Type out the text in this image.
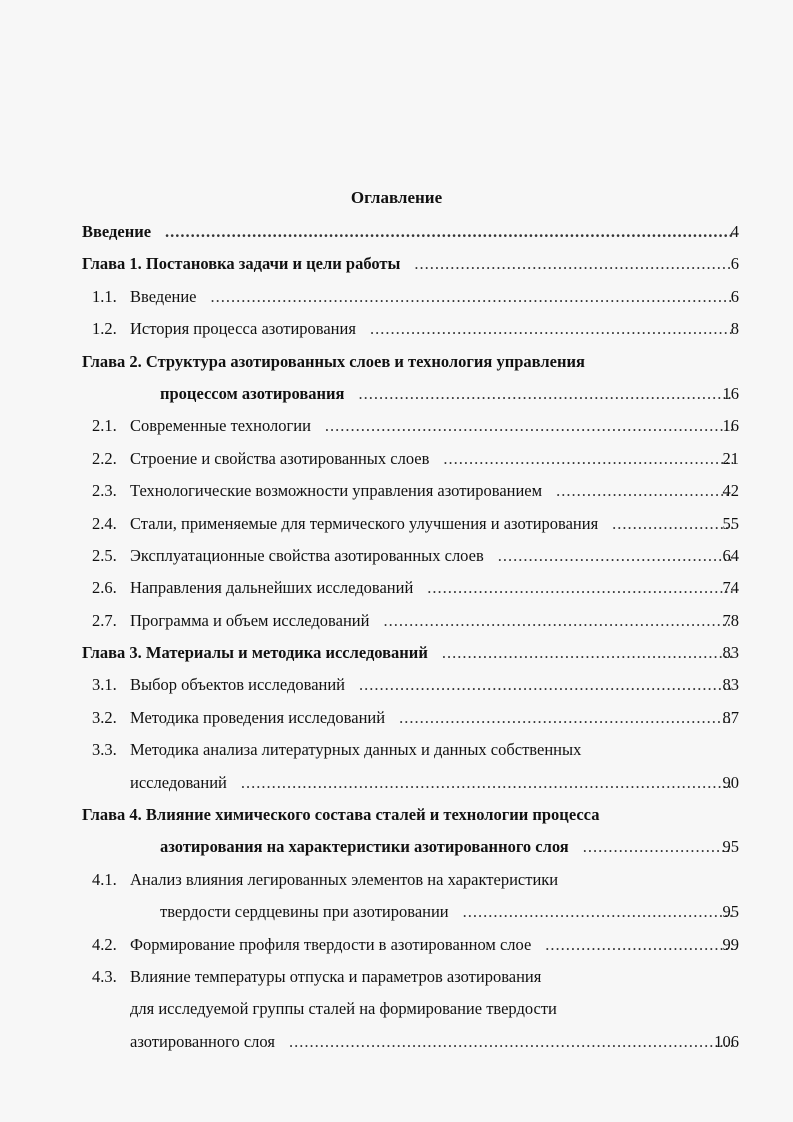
Оглавление
Введение .....	4
Глава 1. Постановка задачи и цели работы .....	6
1.1. Введение .....	6
1.2. История процесса азотирования .....	8
Глава 2. Структура азотированных слоев и технология управления
процессом азотирования .....	16
2.1. Современные технологии .....	16
2.2. Строение и свойства азотированных слоев .....	21
2.3. Технологические возможности управления азотированием .....	42
2.4. Стали, применяемые для термического улучшения и азотирования .....	55
2.5. Эксплуатационные свойства азотированных слоев .....	64
2.6. Направления дальнейших исследований .....	74
2.7. Программа и объем исследований .....	78
Глава 3. Материалы и методика исследований .....	83
3.1. Выбор объектов исследований .....	83
3.2. Методика проведения исследований .....	87
3.3. Методика анализа литературных данных и данных собственных
исследований .....	90
Глава 4. Влияние химического состава сталей и технологии процесса
азотирования на характеристики азотированного слоя .....	95
4.1. Анализ влияния легированных элементов на характеристики
твердости сердцевины при азотировании .....	95
4.2. Формирование профиля твердости в азотированном слое .....	99
4.3. Влияние температуры отпуска и параметров азотирования
для исследуемой группы сталей на формирование твердости
азотированного слоя .....	106
